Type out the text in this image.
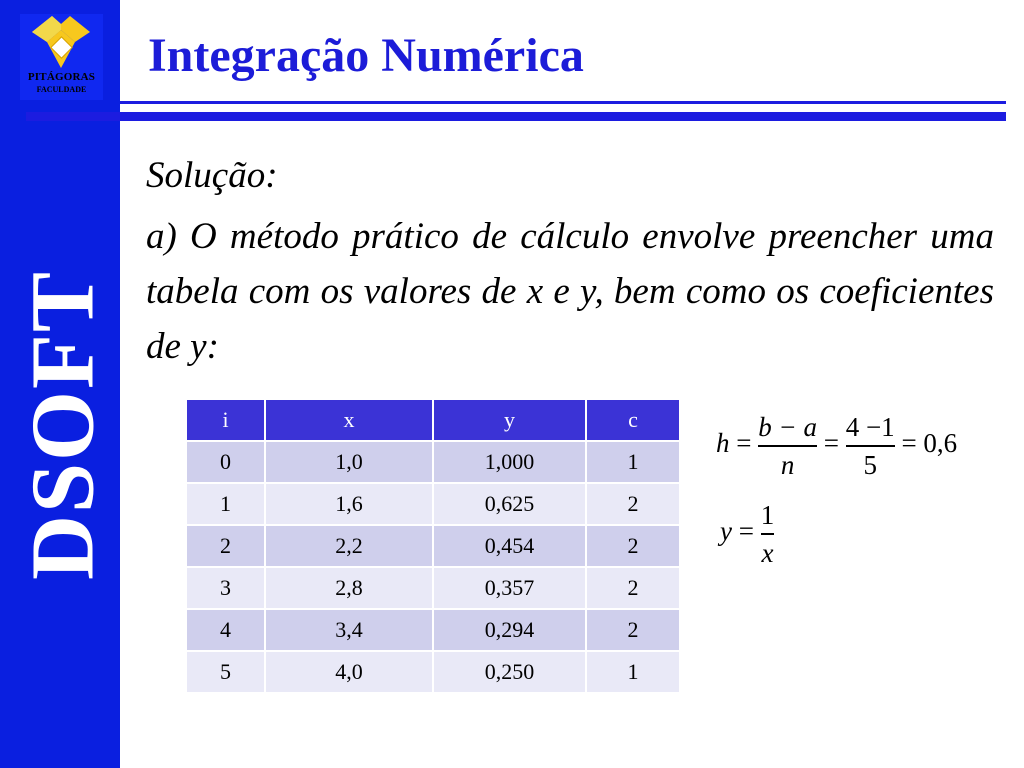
PITÁGORAS
FACULDADE
DSOFT
Integração Numérica

Solução:

a) O método prático de cálculo envolve preencher uma tabela com os valores de x e y, bem como os coeficientes de y:

i	x	y	c
0	1,0	1,000	1
1	1,6	0,625	2
2	2,2	0,454	2
3	2,8	0,357	2
4	3,4	0,294	2
5	4,0	0,250	1
$h = \frac{b - a}{n} = \frac{4 -1}{5} = 0,6$
$y = \frac{1}{x}$
